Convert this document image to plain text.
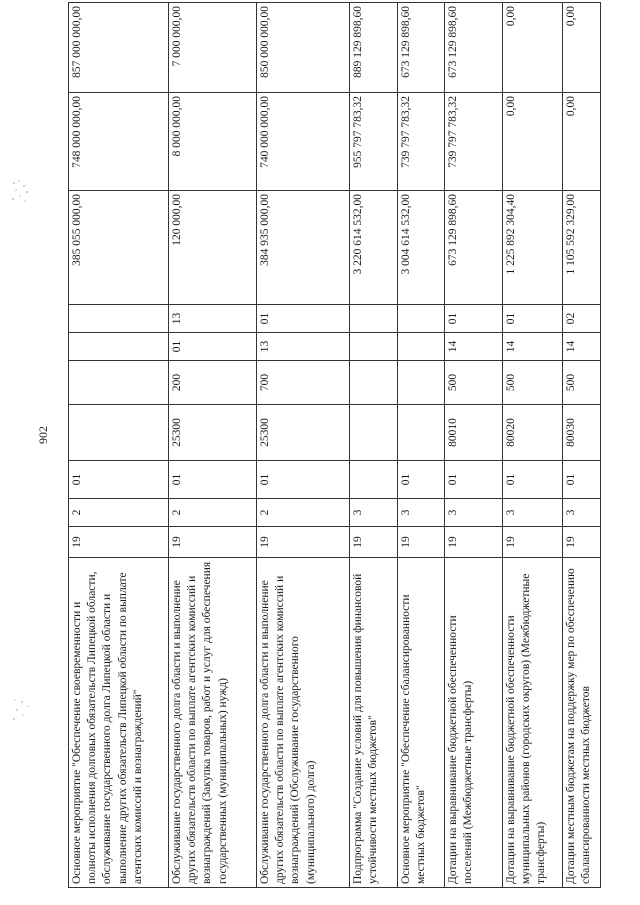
902
Основное мероприятие "Обеспечение своевременности и полноты исполнения долговых обязательств Липецкой области, обслуживание государственного долга Липецкой области и выполнение других обязательств Липецкой области по выплате агентских комиссий и вознаграждений"	19	2	01					385 055 000,00	748 000 000,00	857 000 000,00
Обслуживание государственного долга области и выполнение других обязательств области по выплате агентских комиссий и вознаграждений (Закупка товаров, работ и услуг для обеспечения государственных (муниципальных) нужд)	19	2	01	25300	200	01	13	120 000,00	8 000 000,00	7 000 000,00
Обслуживание государственного долга области и выполнение других обязательств области по выплате агентских комиссий и вознаграждений (Обслуживание государственного (муниципального) долга)	19	2	01	25300	700	13	01	384 935 000,00	740 000 000,00	850 000 000,00
Подпрограмма "Создание условий для повышения финансовой устойчивости местных бюджетов"	19	3						3 220 614 532,00	955 797 783,32	889 129 898,60
Основное мероприятие "Обеспечение сбалансированности местных бюджетов"	19	3	01					3 004 614 532,00	739 797 783,32	673 129 898,60
Дотации на выравнивание бюджетной обеспеченности поселений (Межбюджетные трансферты)	19	3	01	80010	500	14	01	673 129 898,60	739 797 783,32	673 129 898,60
Дотации на выравнивание бюджетной обеспеченности муниципальных районов (городских округов) (Межбюджетные трансферты)	19	3	01	80020	500	14	01	1 225 892 304,40	0,00	0,00
Дотации местным бюджетам на поддержку мер по обеспечению сбалансированности местных бюджетов	19	3	01	80030	500	14	02	1 105 592 329,00	0,00	0,00
